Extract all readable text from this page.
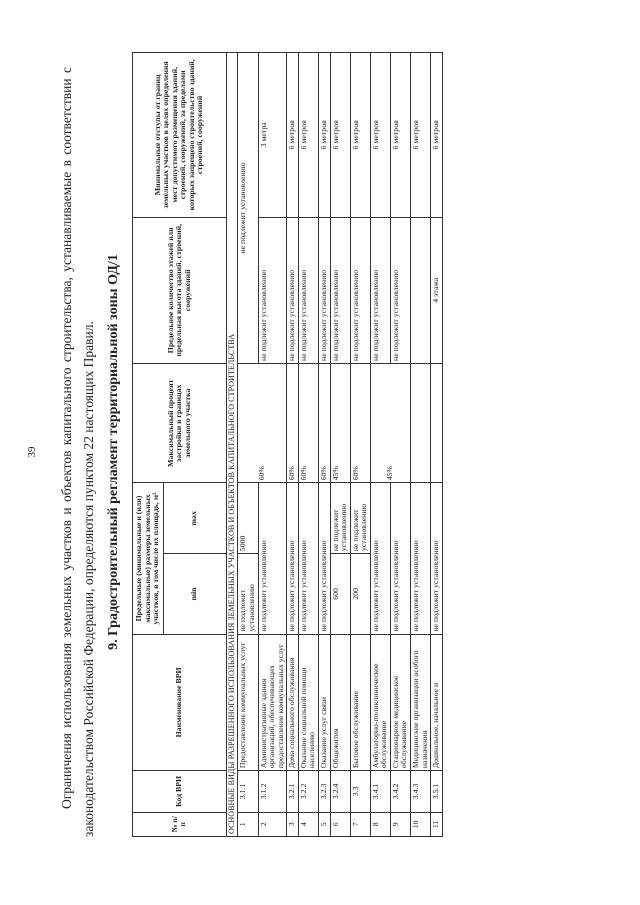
39 Ограничения использования земельных участков и объектов капитального строительства, устанавливаемые в соответствии с законодательством Российской Федерации, определяются пунктом 22 настоящих Правил. 9. Градостроительный регламент территориальной зоны ОД/1

№ п/п	Код ВРИ	Наименование ВРИ	Предельные (минимальные и (или) максимальные) размеры земельных участков, в том числе их площадь, м²		Максимальный процент застройки в границах земельного участка	Предельное количество этажей или предельная высота зданий, строений, сооружений	Минимальные отступы от границ земельных участков в целях определения мест допустимого размещения зданий, строений, сооружений, за пределами которых запрещено строительство зданий, строений, сооружений
			min	max			
ОСНОВНЫЕ ВИДЫ РАЗРЕШЕННОГО ИСПОЛЬЗОВАНИЯ ЗЕМЕЛЬНЫХ УЧАСТКОВ И ОБЪЕКТОВ КАПИТАЛЬНОГО СТРОИТЕЛЬСТВА							
1	3.1.1	Предоставление коммунальных услуг	не подлежит установлению	5000	60%	не подлежит установлению	
2	3.1.2	Административные здания организаций, обеспечивающих предоставление коммунальных услуг	не подлежит установлению			не подлежит установлению	3 метра
3	3.2.1	Дома социального обслуживания	не подлежит установлению		60%	не подлежит установлению	6 метров
4	3.2.2	Оказание социальной помощи населению	не подлежит установлению		60%	не подлежит установлению	6 метров
5	3.2.3	Оказание услуг связи	не подлежит установлению		60%	не подлежит установлению	6 метров
6	3.2.4	Общежития	600	не подлежит установлению	45%	не подлежит установлению	6 метров
7	3.3	Бытовое обслуживание	200	не подлежит установлению	60%	не подлежит установлению	6 метров
8	3.4.1	Амбулаторно-поликлиническое обслуживание	не подлежит установлению		45%	не подлежит установлению	6 метров
9	3.4.2	Стационарное медицинское обслуживание	не подлежит установлению			не подлежит установлению	6 метров
10	3.4.3	Медицинские организации особого назначения	не подлежит установлению				6 метров
11	3.5.1	Дошкольное, начальное и	не подлежит установлению			4 этажа	6 метров
